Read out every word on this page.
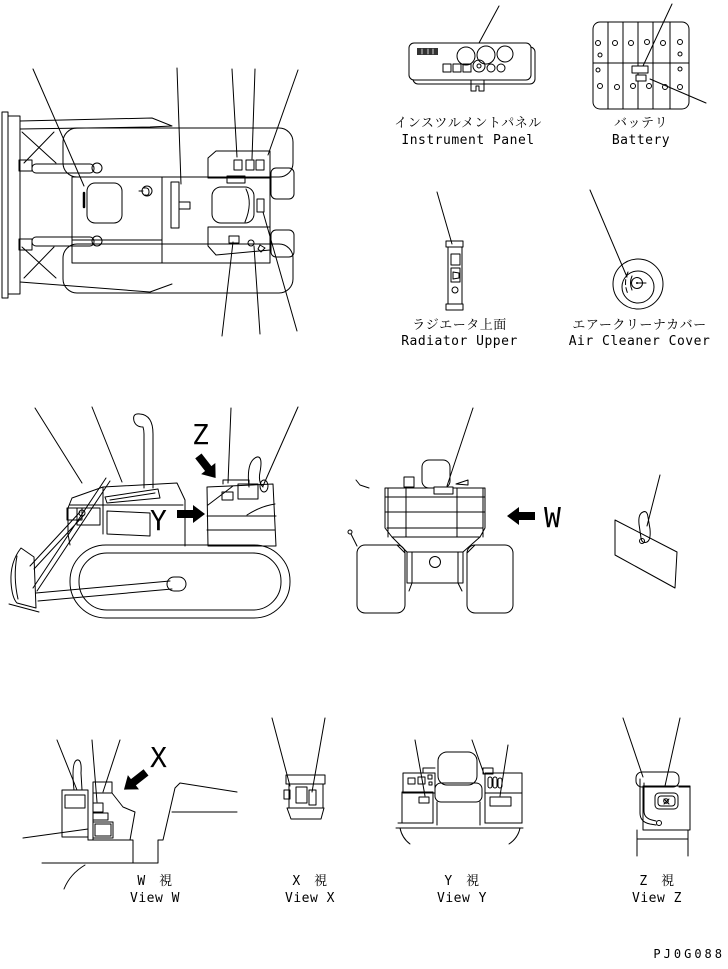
インスツルメントパネル
Instrument Panel
バッテリ
Battery
ラジエータ上面
Radiator Upper
エアークリーナカバー
Air Cleaner Cover
W　視
View W
X　視
View X
Y　視
View Y
Z　視
View Z
Z
Y	W
X
PJ0G088
